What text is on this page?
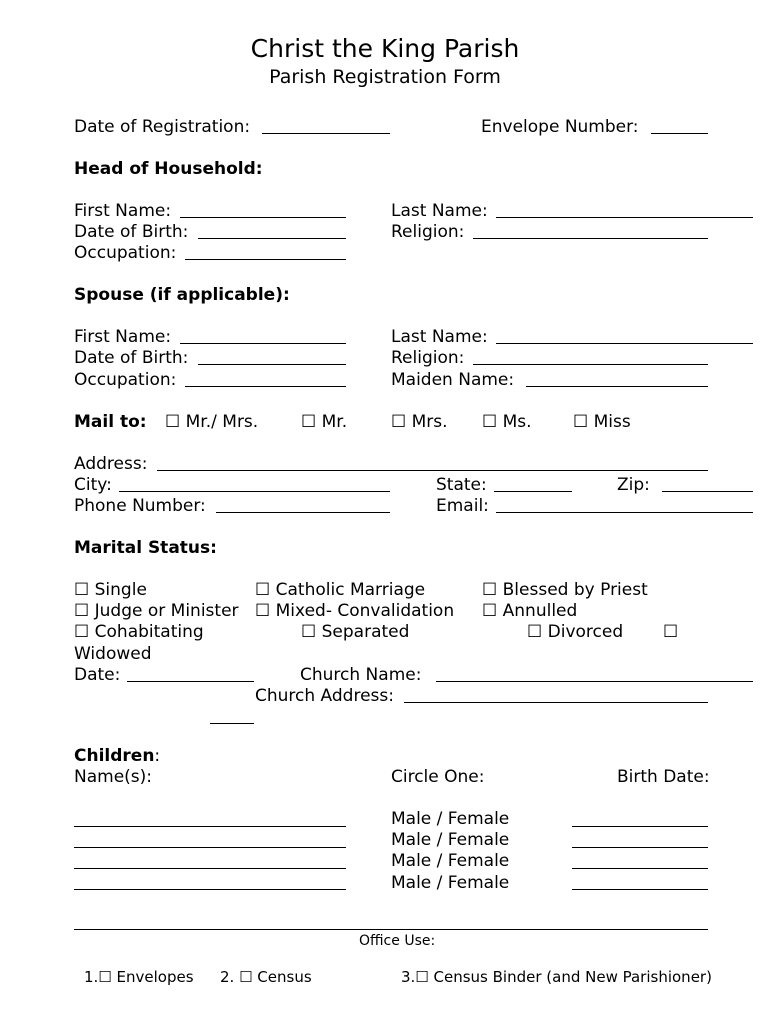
Christ the King Parish
Parish Registration Form
Date of Registration:	Envelope Number:
Head of Household:
First Name:	Last Name:
Date of Birth:	Religion:
Occupation:
Spouse (if applicable):
First Name:	Last Name:
Date of Birth:	Religion:
Occupation:	Maiden Name:
Mail to: ☐ Mr./ Mrs.	☐ Mr.	☐ Mrs. ☐ Ms. ☐ Miss
Address:
City:	State:	Zip:
Phone Number:	Email:
Marital Status:
☐ Single	☐ Catholic Marriage	☐ Blessed by Priest
☐ Judge or Minister ☐ Mixed- Convalidation ☐ Annulled
☐ Cohabitating	☐ Separated	☐ Divorced ☐
Widowed
Date:	Church Name:
Church Address:
Children:
Name(s):	Circle One:	Birth Date:
Male / Female
Male / Female
Male / Female
Male / Female
Office Use:
1.☐ Envelopes 2. ☐ Census	3.☐ Census Binder (and New Parishioner)
